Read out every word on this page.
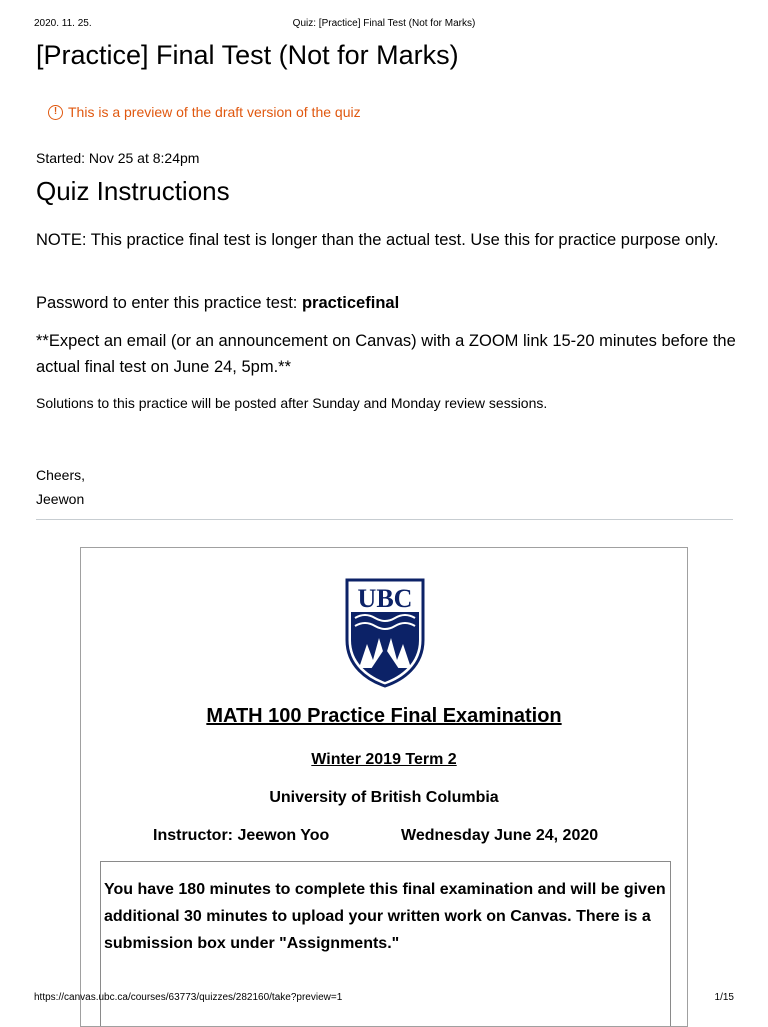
2020. 11. 25.	Quiz: [Practice] Final Test (Not for Marks)
[Practice] Final Test (Not for Marks)
! This is a preview of the draft version of the quiz
Started: Nov 25 at 8:24pm
Quiz Instructions

NOTE: This practice final test is longer than the actual test. Use this for practice purpose only.

Password to enter this practice test: practicefinal

**Expect an email (or an announcement on Canvas) with a ZOOM link 15-20 minutes before the actual final test on June 24, 5pm.**

Solutions to this practice will be posted after Sunday and Monday review sessions.

Cheers,
Jeewon
UBC
MATH 100 Practice Final Examination
Winter 2019 Term 2
University of British Columbia
Instructor: Jeewon Yoo	Wednesday June 24, 2020
You have 180 minutes to complete this final examination and will be given additional 30 minutes to upload your written work on Canvas. There is a submission box under "Assignments."
https://canvas.ubc.ca/courses/63773/quizzes/282160/take?preview=1	1/15
